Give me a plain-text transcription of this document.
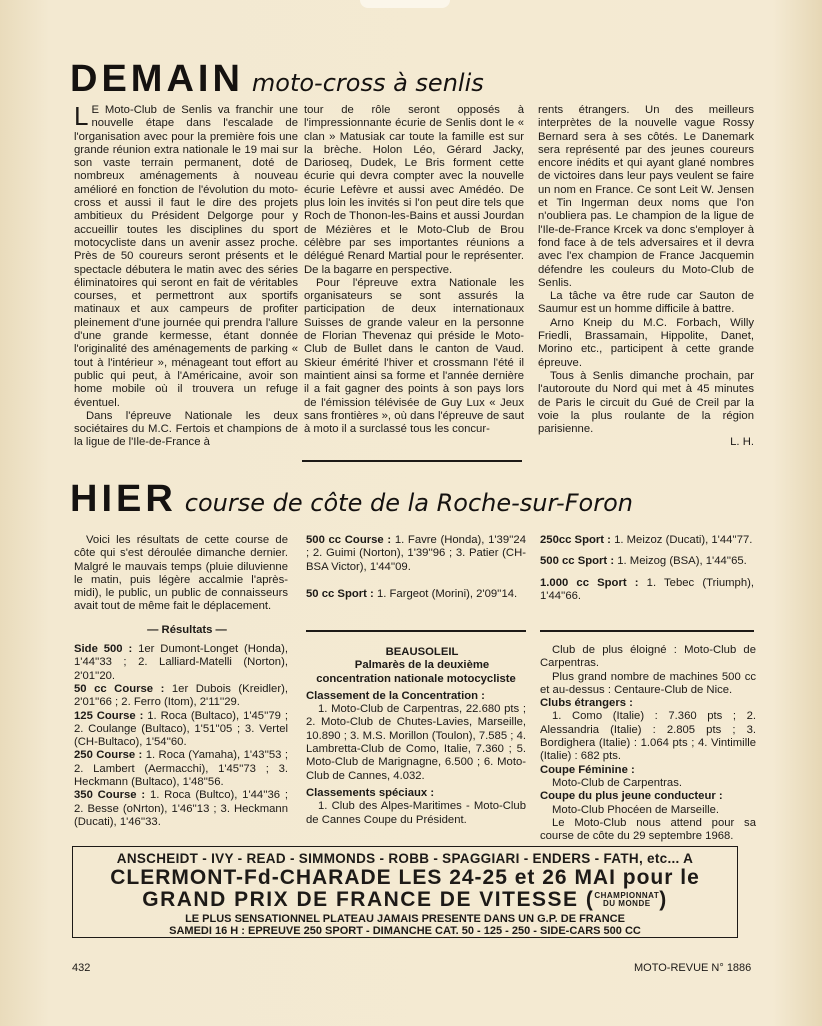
DEMAIN moto-cross à senlis

L E Moto-Club de Senlis va franchir une nouvelle étape dans l'escalade de l'organisation avec pour la première fois une grande réunion extra nationale le 19 mai sur son vaste terrain permanent, doté de nombreux aménagements à nouveau amélioré en fonction de l'évolution du moto-cross et aussi il faut le dire des projets ambitieux du Président Delgorge pour y accueillir toutes les disciplines du sport motocycliste dans un avenir assez proche. Près de 50 coureurs seront présents et le spectacle débutera le matin avec des séries éliminatoires qui seront en fait de véritables courses, et permettront aux sportifs matinaux et aux campeurs de profiter pleinement d'une journée qui prendra l'allure d'une grande kermesse, étant donnée l'originalité des aménagements de parking « tout à l'intérieur », ménageant tout effort au public qui peut, à l'Américaine, avoir son home mobile où il trouvera un refuge éventuel.

Dans l'épreuve Nationale les deux sociétaires du M.C. Fertois et champions de la ligue de l'Ile-de-France à

tour de rôle seront opposés à l'impressionnante écurie de Senlis dont le « clan » Matusiak car toute la famille est sur la brèche. Holon Léo, Gérard Jacky, Darioseq, Dudek, Le Bris forment cette écurie qui devra compter avec la nouvelle écurie Lefèvre et aussi avec Amédéo. De plus loin les invités si l'on peut dire tels que Roch de Thonon-les-Bains et aussi Jourdan de Mézières et le Moto-Club de Brou célèbre par ses importantes réunions a délégué Renard Martial pour le représenter. De la bagarre en perspective.

Pour l'épreuve extra Nationale les organisateurs se sont assurés la participation de deux internationaux Suisses de grande valeur en la personne de Florian Thevenaz qui préside le Moto-Club de Bullet dans le canton de Vaud. Skieur émérité l'hiver et crossmann l'été il maintient ainsi sa forme et l'année dernière il a fait gagner des points à son pays lors de l'émission télévisée de Guy Lux « Jeux sans frontières », où dans l'épreuve de saut à moto il a surclassé tous les concur-

rents étrangers. Un des meilleurs interprètes de la nouvelle vague Rossy Bernard sera à ses côtés. Le Danemark sera représenté par des jeunes coureurs encore inédits et qui ayant glané nombres de victoires dans leur pays veulent se faire un nom en France. Ce sont Leit W. Jensen et Tin Ingerman deux noms que l'on n'oubliera pas. Le champion de la ligue de l'Ile-de-France Krcek va donc s'employer à fond face à de tels adversaires et il devra avec l'ex champion de France Jacquemin défendre les couleurs du Moto-Club de Senlis.

La tâche va être rude car Sauton de Saumur est un homme difficile à battre.

Arno Kneip du M.C. Forbach, Willy Friedli, Brassamain, Hippolite, Danet, Morino etc., participent à cette grande épreuve.

Tous à Senlis dimanche prochain, par l'autoroute du Nord qui met à 45 minutes de Paris le circuit du Gué de Creil par la voie la plus roulante de la région parisienne.

L. H.

HIER course de côte de la Roche-sur-Foron

Voici les résultats de cette course de côte qui s'est déroulée dimanche dernier. Malgré le mauvais temps (pluie diluvienne le matin, puis légère accalmie l'après-midi), le public, un public de connaisseurs avait tout de même fait le déplacement.

— Résultats —

Side 500 : 1er Dumont-Longet (Honda), 1'44''33 ; 2. Lalliard-Matelli (Norton), 2'01''20.

50 cc Course : 1er Dubois (Kreidler), 2'01''66 ; 2. Ferro (Itom), 2'11''29.

125 Course : 1. Roca (Bultaco), 1'45''79 ; 2. Coulange (Bultaco), 1'51''05 ; 3. Vertel (CH-Bultaco), 1'54''60.

250 Course : 1. Roca (Yamaha), 1'43''53 ; 2. Lambert (Aermacchi), 1'45''73 ; 3. Heckmann (Bultaco), 1'48''56.

350 Course : 1. Roca (Bultco), 1'44''36 ; 2. Besse (oNrton), 1'46''13 ; 3. Heckmann (Ducati), 1'46''33.

500 cc Course : 1. Favre (Honda), 1'39''24 ; 2. Guimi (Norton), 1'39''96 ; 3. Patier (CH-BSA Victor), 1'44''09.

50 cc Sport : 1. Fargeot (Morini), 2'09''14.

250cc Sport : 1. Meizoz (Ducati), 1'44''77.

500 cc Sport : 1. Meizog (BSA), 1'44''65.

1.000 cc Sport : 1. Tebec (Triumph), 1'44''66.

BEAUSOLEIL

Palmarès de la deuxième concentration nationale motocycliste

Classement de la Concentration :

1. Moto-Club de Carpentras, 22.680 pts ; 2. Moto-Club de Chutes-Lavies, Marseille, 10.890 ; 3. M.S. Morillon (Toulon), 7.585 ; 4. Lambretta-Club de Como, Italie, 7.360 ; 5. Moto-Club de Marignagne, 6.500 ; 6. Moto-Club de Cannes, 4.032.

Classements spéciaux :

1. Club des Alpes-Maritimes - Moto-Club de Cannes Coupe du Président.

Club de plus éloigné : Moto-Club de Carpentras.

Plus grand nombre de machines 500 cc et au-dessus : Centaure-Club de Nice.

Clubs étrangers :

1. Como (Italie) : 7.360 pts ; 2. Alessandria (Italie) : 2.805 pts ; 3. Bordighera (Italie) : 1.064 pts ; 4. Vintimille (Italie) : 682 pts.

Coupe Féminine :

Moto-Club de Carpentras.

Coupe du plus jeune conducteur :

Moto-Club Phocéen de Marseille.

Le Moto-Club nous attend pour sa course de côte du 29 septembre 1968.

ANSCHEIDT - IVY - READ - SIMMONDS - ROBB - SPAGGIARI - ENDERS - FATH, etc... A
CLERMONT-Fd-CHARADE LES 24-25 et 26 MAI pour le
GRAND PRIX DE FRANCE DE VITESSE (CHAMPIONNAT
DU MONDE )
LE PLUS SENSATIONNEL PLATEAU JAMAIS PRESENTE DANS UN G.P. DE FRANCE
SAMEDI 16 H : EPREUVE 250 SPORT - DIMANCHE CAT. 50 - 125 - 250 - SIDE-CARS 500 CC
432	MOTO-REVUE N° 1886
